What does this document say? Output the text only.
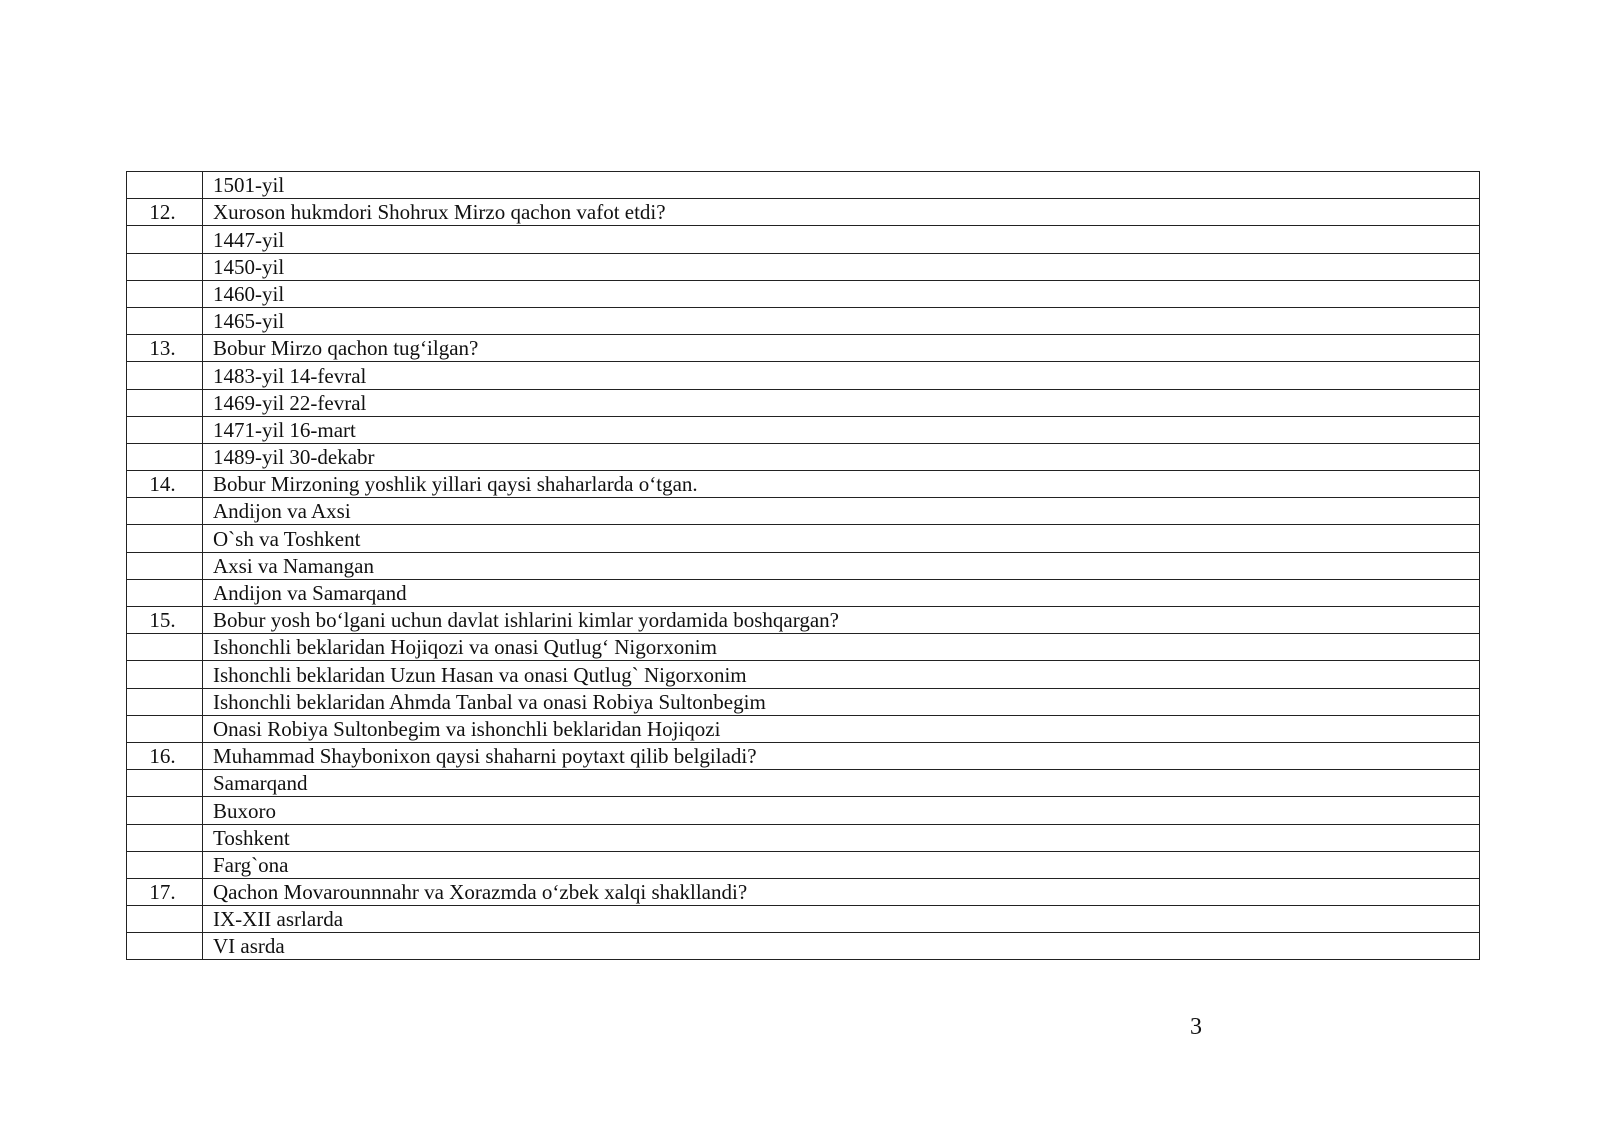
	1501-yil
12.	Xuroson hukmdori Shohrux Mirzo qachon vafot etdi?
	1447-yil
	1450-yil
	1460-yil
	1465-yil
13.	Bobur Mirzo qachon tug‘ilgan?
	1483-yil 14-fevral
	1469-yil 22-fevral
	1471-yil 16-mart
	1489-yil 30-dekabr
14.	Bobur Mirzoning yoshlik yillari qaysi shaharlarda o‘tgan.
	Andijon va Axsi
	O`sh va Toshkent
	Axsi va Namangan
	Andijon va Samarqand
15.	Bobur yosh bo‘lgani uchun davlat ishlarini kimlar yordamida boshqargan?
	Ishonchli beklaridan Hojiqozi va onasi Qutlug‘ Nigorxonim
	Ishonchli beklaridan Uzun Hasan va onasi Qutlug` Nigorxonim
	Ishonchli beklaridan Ahmda Tanbal va onasi Robiya Sultonbegim
	Onasi Robiya Sultonbegim va ishonchli beklaridan Hojiqozi
16.	Muhammad Shaybonixon qaysi shaharni poytaxt qilib belgiladi?
	Samarqand
	Buxoro
	Toshkent
	Farg`ona
17.	Qachon Movarounnnahr va Xorazmda o‘zbek xalqi shakllandi?
	IX-XII asrlarda
	VI asrda
3
